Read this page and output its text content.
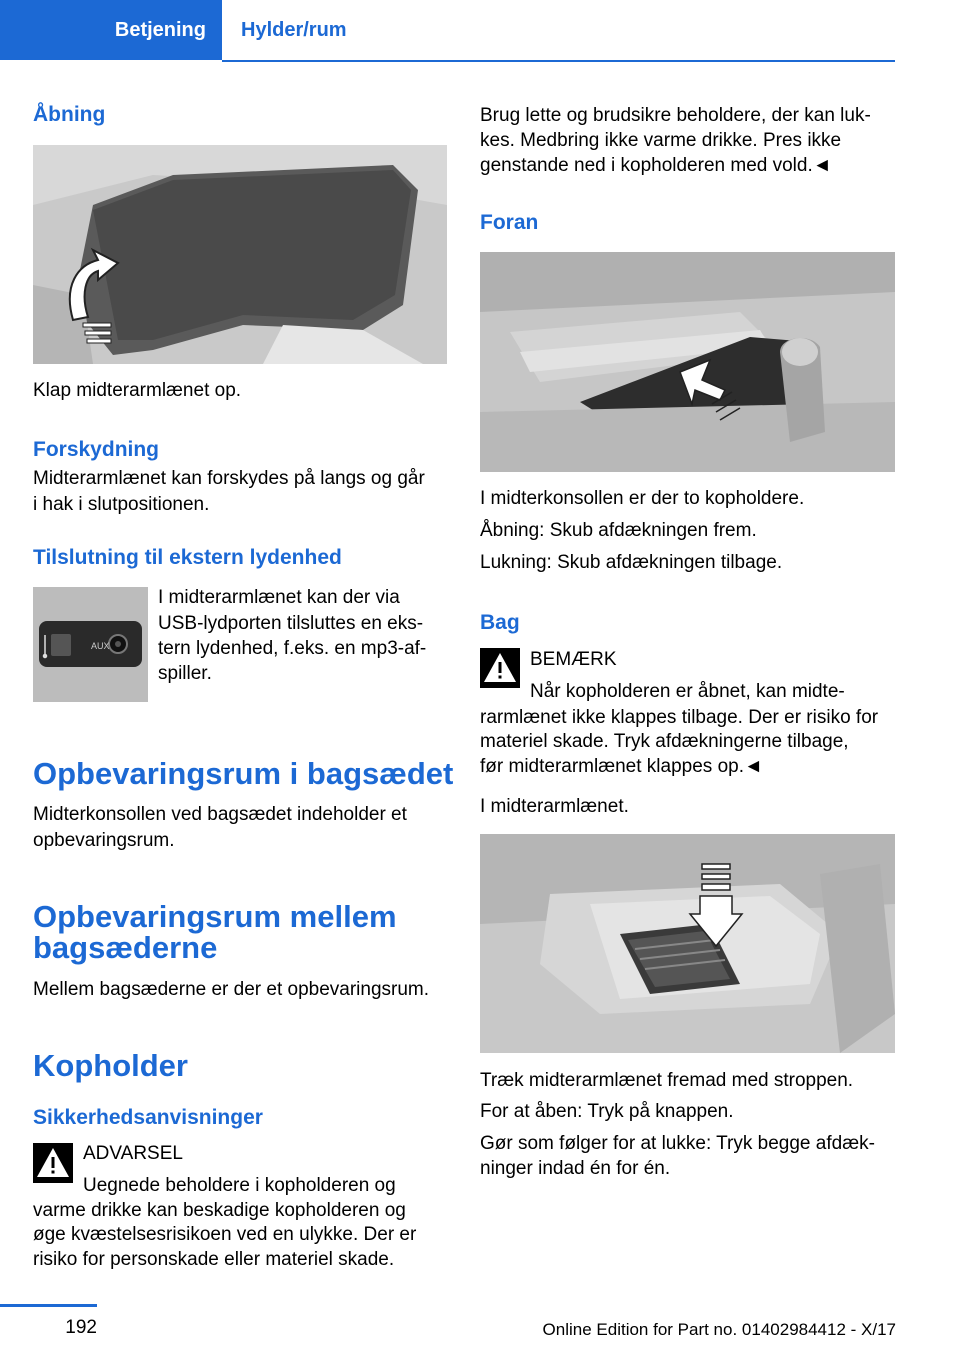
Betjening	Hylder/rum
Åbning
Klap midterarmlænet op.
Forskydning
Midterarmlænet kan forskydes på langs og går
i hak i slutpositionen.
Tilslutning til ekstern lydenhed
AUX
I midterarmlænet kan der via
USB-lydporten tilsluttes en eks-
tern lydenhed, f.eks. en mp3-af-
spiller.
Opbevaringsrum i bagsædet
Midterkonsollen ved bagsædet indeholder et
opbevaringsrum.
Opbevaringsrum mellem
bagsæderne
Mellem bagsæderne er der et opbevaringsrum.
Kopholder
Sikkerhedsanvisninger
ADVARSEL
Uegnede beholdere i kopholderen og
varme drikke kan beskadige kopholderen og
øge kvæstelsesrisikoen ved en ulykke. Der er
risiko for personskade eller materiel skade.
Brug lette og brudsikre beholdere, der kan luk-
kes. Medbring ikke varme drikke. Pres ikke
genstande ned i kopholderen med vold.◄
Foran
I midterkonsollen er der to kopholdere.
Åbning: Skub afdækningen frem.
Lukning: Skub afdækningen tilbage.
Bag
BEMÆRK
Når kopholderen er åbnet, kan midte-
rarmlænet ikke klappes tilbage. Der er risiko for
materiel skade. Tryk afdækningerne tilbage,
før midterarmlænet klappes op.◄
I midterarmlænet.
Træk midterarmlænet fremad med stroppen.
For at åben: Tryk på knappen.
Gør som følger for at lukke: Tryk begge afdæk-
ninger indad én for én.
192	Online Edition for Part no. 01402984412 - X/17
